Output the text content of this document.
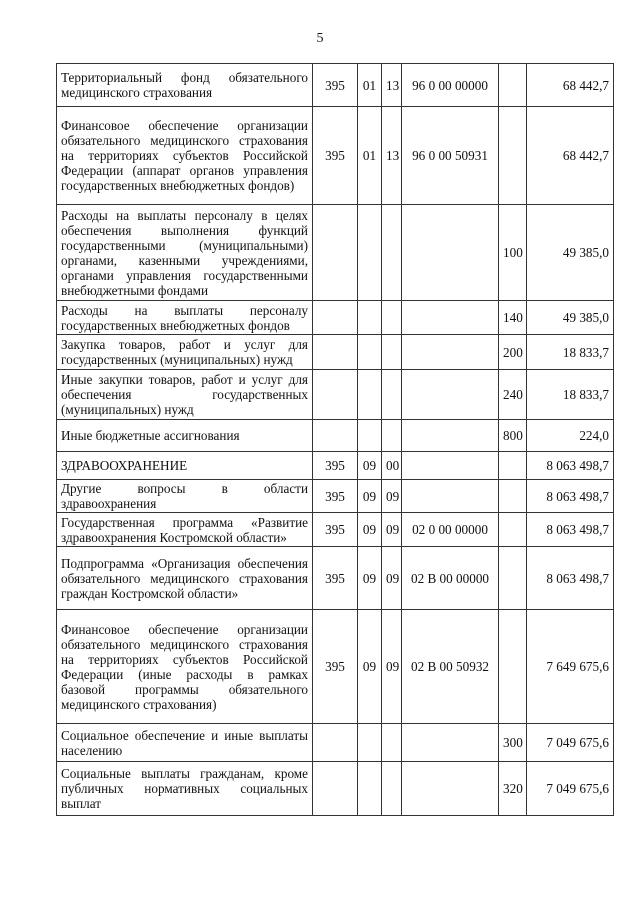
5
Территориальный фонд обязательного медицинского страхования	395	01	13	96 0 00 00000		68 442,7
Финансовое обеспечение организации обязательного медицинского страхования на территориях субъектов Российской Федерации (аппарат органов управления государственных внебюджетных фондов)	395	01	13	96 0 00 50931		68 442,7
Расходы на выплаты персоналу в целях обеспечения выполнения функций государственными (муниципальными) органами, казенными учреждениями, органами управления государственными внебюджетными фондами					100	49 385,0
Расходы на выплаты персоналу государственных внебюджетных фондов					140	49 385,0
Закупка товаров, работ и услуг для государственных (муниципальных) нужд					200	18 833,7
Иные закупки товаров, работ и услуг для обеспечения государственных (муниципальных) нужд					240	18 833,7
Иные бюджетные ассигнования					800	224,0
ЗДРАВООХРАНЕНИЕ	395	09	00			8 063 498,7
Другие вопросы в области здравоохранения	395	09	09			8 063 498,7
Государственная программа «Развитие здравоохранения Костромской области»	395	09	09	02 0 00 00000		8 063 498,7
Подпрограмма «Организация обеспечения обязательного медицинского страхования граждан Костромской области»	395	09	09	02 В 00 00000		8 063 498,7
Финансовое обеспечение организации обязательного медицинского страхования на территориях субъектов Российской Федерации (иные расходы в рамках базовой программы обязательного медицинского страхования)	395	09	09	02 В 00 50932		7 649 675,6
Социальное обеспечение и иные выплаты населению					300	7 049 675,6
Социальные выплаты гражданам, кроме публичных нормативных социальных выплат					320	7 049 675,6
